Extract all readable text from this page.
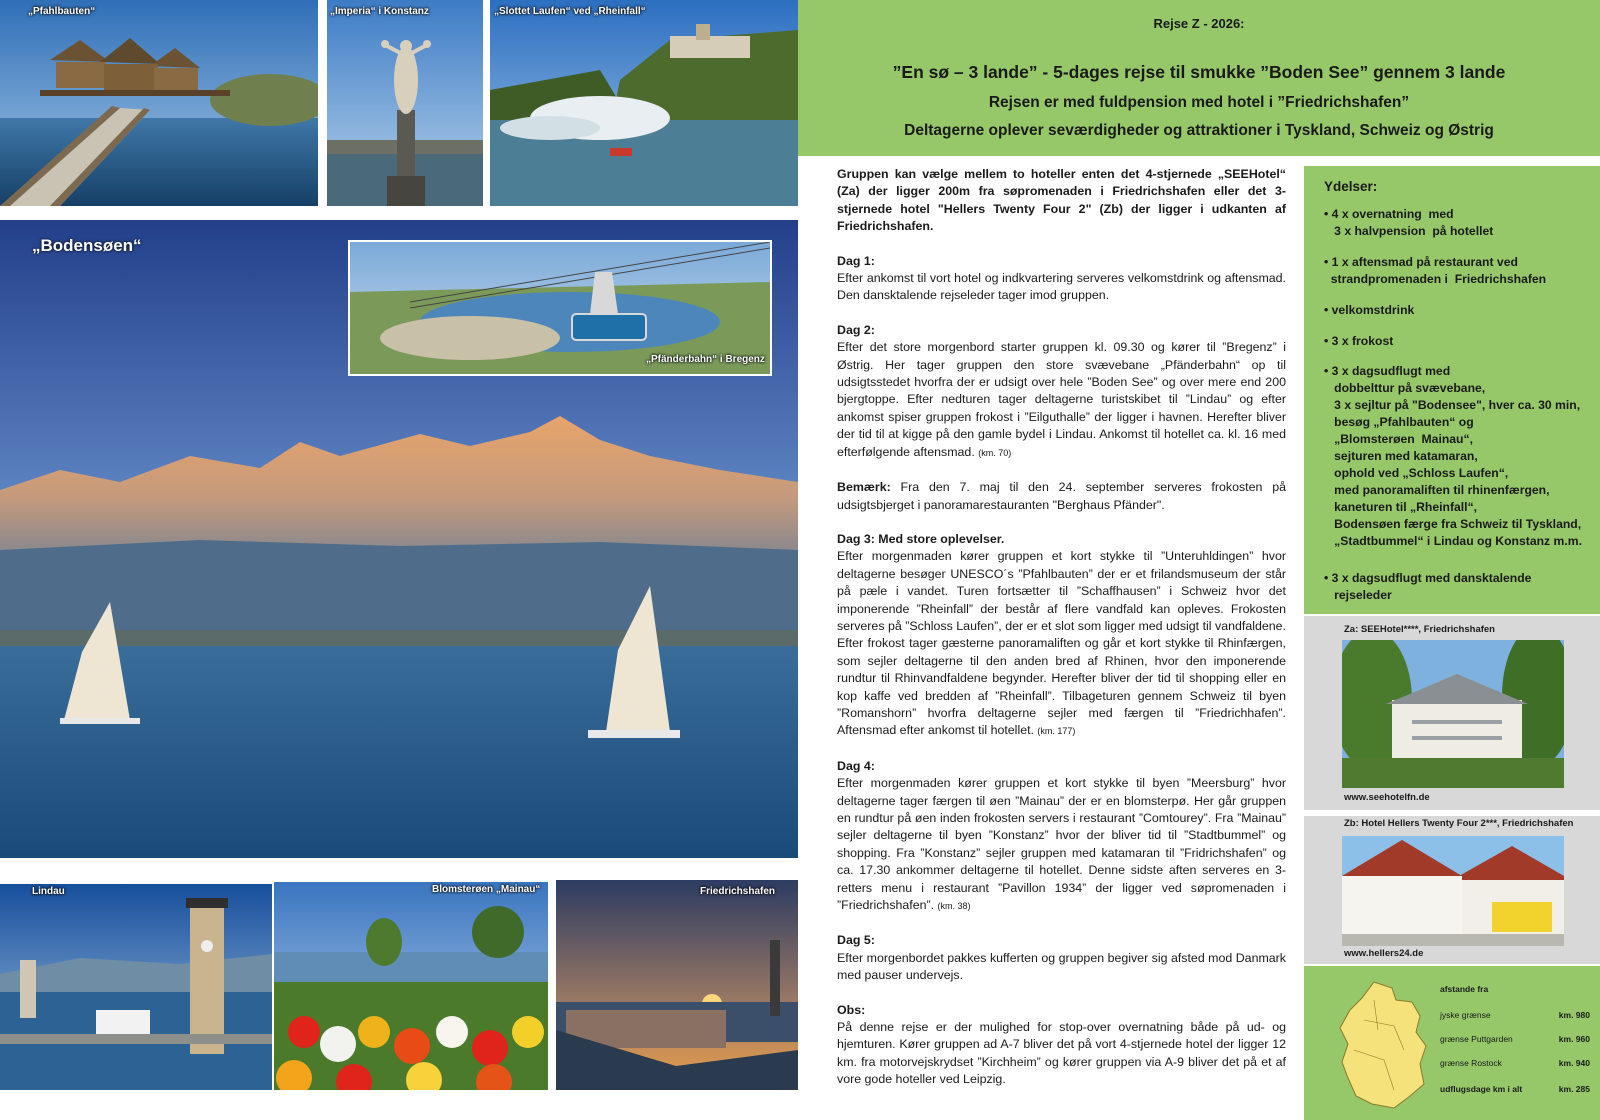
„Pfahlbauten“	„Imperia“ i Konstanz	„Slottet Laufen“ ved „Rheinfall“
„Bodensøen“
„Pfänderbahn“ i Bregenz
Lindau	Blomsterøen „Mainau“	Friedrichshafen
Rejse Z - 2026:
”En sø – 3 lande” - 5-dages rejse til smukke ”Boden See” gennem 3 lande
Rejsen er med fuldpension med hotel i ”Friedrichshafen”
Deltagerne oplever seværdigheder og attraktioner i Tyskland, Schweiz og Østrig

Gruppen kan vælge mellem to hoteller enten det 4-stjernede „SEEHotel“ (Za) der ligger 200m fra søpromenaden i Friedrichshafen eller det 3-stjernede hotel "Hellers Twenty Four 2" (Zb) der ligger i udkanten af Friedrichshafen.

Dag 1:

Efter ankomst til vort hotel og indkvartering serveres velkomstdrink og aftensmad. Den dansktalende rejseleder tager imod gruppen.

Dag 2:

Efter det store morgenbord starter gruppen kl. 09.30 og kører til ”Bregenz” i Østrig. Her tager gruppen den store svævebane „Pfänderbahn“ op til udsigtsstedet hvorfra der er udsigt over hele ”Boden See” og over mere end 200 bjergtoppe. Efter nedturen tager deltagerne turistskibet til ”Lindau” og efter ankomst spiser gruppen frokost i ”Eilguthalle” der ligger i havnen. Herefter bliver der tid til at kigge på den gamle bydel i Lindau. Ankomst til hotellet ca. kl. 16 med efterfølgende aftensmad. (km. 70)

Bemærk: Fra den 7. maj til den 24. september serveres frokosten på udsigtsbjerget i panoramarestauranten "Berghaus Pfänder".

Dag 3: Med store oplevelser.

Efter morgenmaden kører gruppen et kort stykke til ”Unteruhldingen” hvor deltagerne besøger UNESCO´s ”Pfahlbauten” der er et frilandsmuseum der står på pæle i vandet. Turen fortsætter til ”Schaffhausen” i Schweiz hvor det imponerende ”Rheinfall” der består af flere vandfald kan opleves. Frokosten serveres på ”Schloss Laufen”, der er et slot som ligger med udsigt til vandfaldene. Efter frokost tager gæsterne panoramaliften og går et kort stykke til Rhinfærgen, som sejler deltagerne til den anden bred af Rhinen, hvor den imponerende rundtur til Rhinvandfaldene begynder. Herefter bliver der tid til shopping eller en kop kaffe ved bredden af ”Rheinfall”. Tilbageturen gennem Schweiz til byen ”Romanshorn” hvorfra deltagerne sejler med færgen til ”Friedrichhafen”. Aftensmad efter ankomst til hotellet. (km. 177)

Dag 4:

Efter morgenmaden kører gruppen et kort stykke til byen ”Meersburg” hvor deltagerne tager færgen til øen ”Mainau” der er en blomsterpø. Her går gruppen en rundtur på øen inden frokosten servers i restaurant ”Comtourey”. Fra ”Mainau” sejler deltagerne til byen ”Konstanz” hvor der bliver tid til ”Stadtbummel” og shopping. Fra ”Konstanz” sejler gruppen med katamaran til ”Fridrichshafen” og ca. 17.30 ankommer deltagerne til hotellet. Denne sidste aften serveres en 3-retters menu i restaurant ”Pavillon 1934” der ligger ved søpromenaden i ”Friedrichshafen”. (km. 38)

Dag 5:

Efter morgenbordet pakkes kufferten og gruppen begiver sig afsted mod Danmark med pauser undervejs.

Obs:

På denne rejse er der mulighed for stop-over overnatning både på ud- og hjemturen. Kører gruppen ad A-7 bliver det på vort 4-stjernede hotel der ligger 12 km. fra motorvejskrydset ”Kirchheim” og kører gruppen via A-9 bliver det på et af vore gode hoteller ved Leipzig.

Ydelser:
• 4 x overnatning  med
3 x halvpension  på hotellet
• 1 x aftensmad på restaurant ved
strandpromenaden i  Friedrichshafen
• velkomstdrink
• 3 x frokost
• 3 x dagsudflugt med
dobbelttur på svævebane,
3 x sejltur på "Bodensee", hver ca. 30 min,
besøg „Pfahlbauten“ og
„Blomsterøen  Mainau“,
sejturen med katamaran,
ophold ved „Schloss Laufen“,
med panoramaliften til rhinenfærgen,
kaneturen til „Rheinfall“,
Bodensøen færge fra Schweiz til Tyskland,
„Stadtbummel“ i Lindau og Konstanz m.m.
• 3 x dagsudflugt med dansktalende
rejseleder
Za: SEEHotel****, Friedrichshafen
www.seehotelfn.de
Zb: Hotel Hellers Twenty Four 2***, Friedrichshafen
www.hellers24.de
afstande fra
jyske grænse	km. 980
grænse Puttgarden	km. 960
grænse Rostock	km. 940
udflugsdage km i alt	km. 285
